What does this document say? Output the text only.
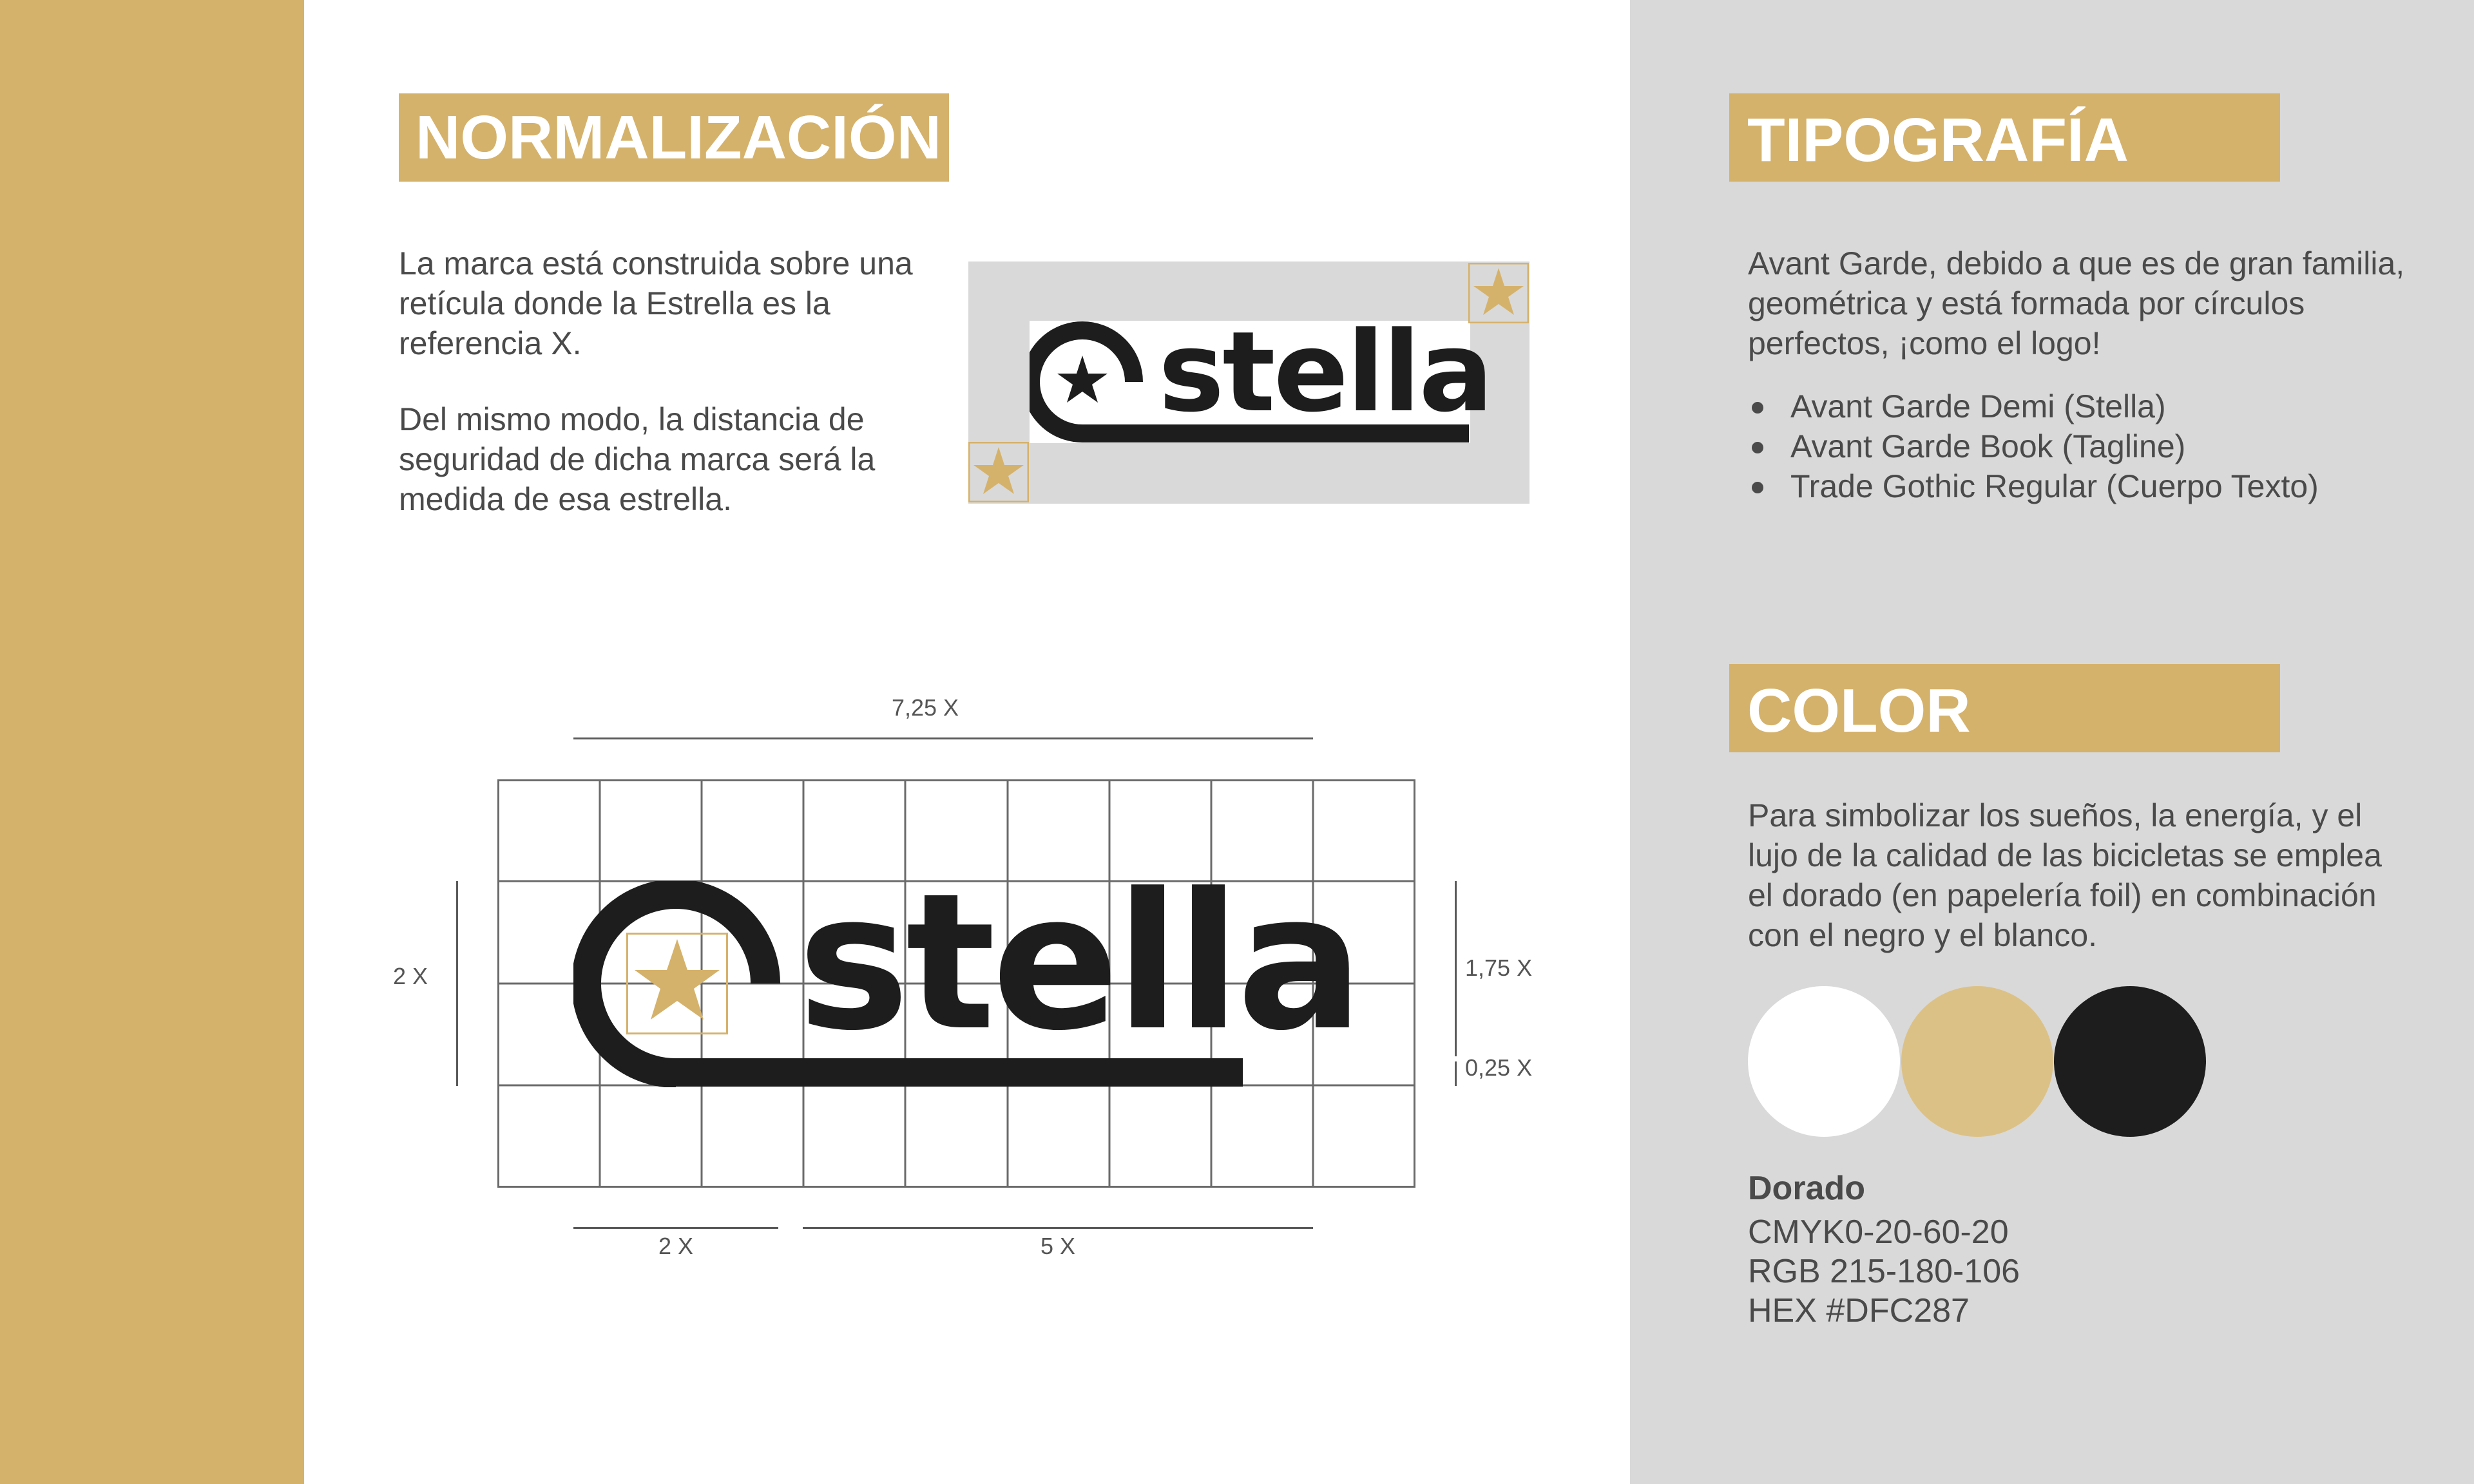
NORMALIZACIÓN

La marca está construida sobre una retícula donde la Estrella es la referencia X.

Del mismo modo, la distancia de seguridad de dicha marca será la medida de esa estrella.

stella
stella
7,25 X
2 X	1,75 X
0,25 X
2 X	5 X
TIPOGRAFÍA
Avant Garde, debido a que es de gran familia, geométrica y está formada por círculos perfectos, ¡como el logo!
Avant Garde Demi (Stella)
Avant Garde Book (Tagline)
Trade Gothic Regular (Cuerpo Texto)
COLOR
Para simbolizar los sueños, la energía, y el lujo de la calidad de las bicicletas se emplea el dorado (en papelería foil) en combinación con el negro y el blanco.
Dorado
CMYK0-20-60-20
RGB 215-180-106
HEX #DFC287
